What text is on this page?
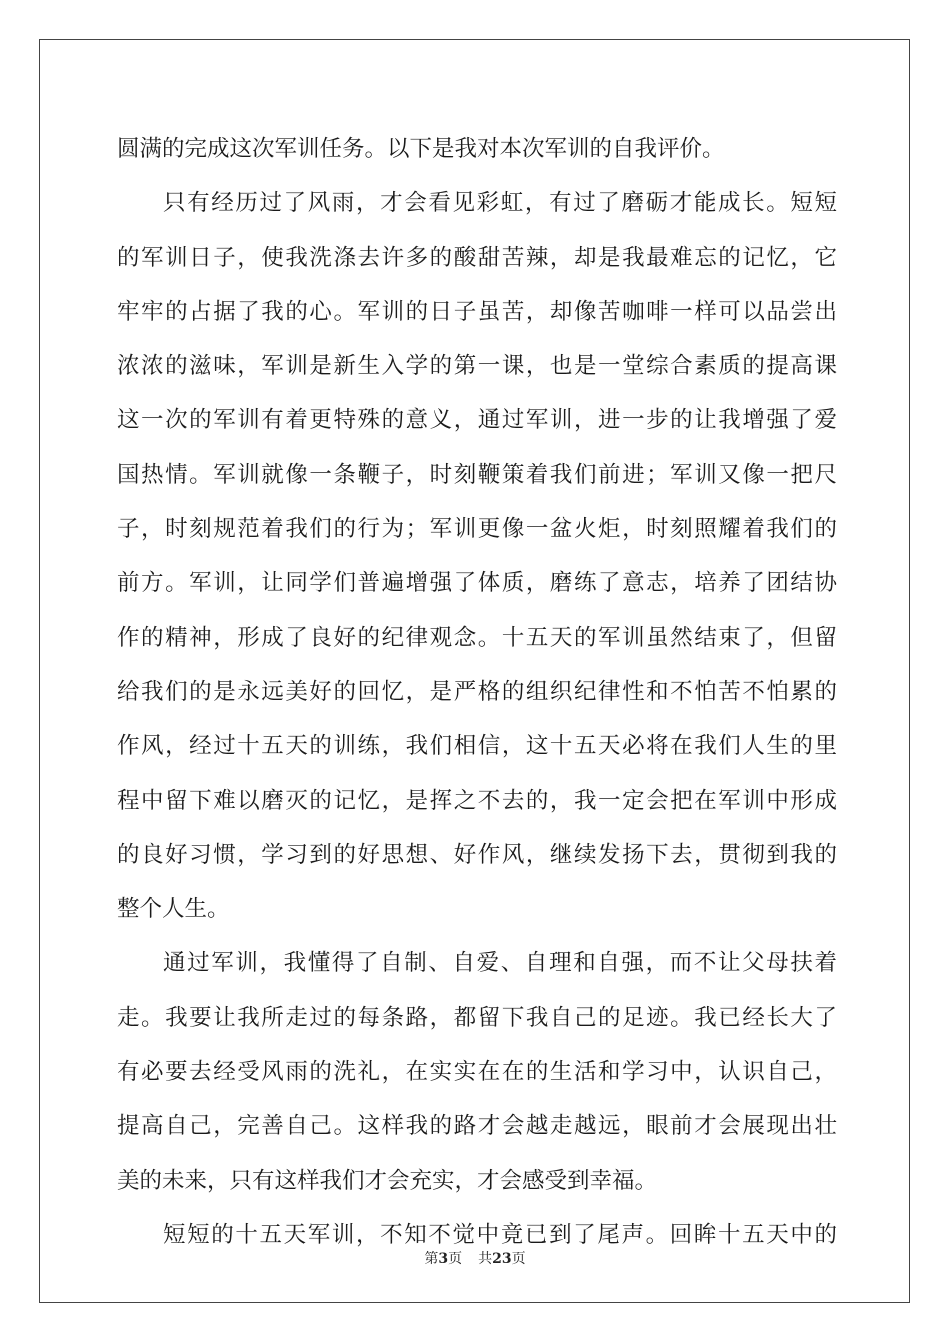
圆满的完成这次军训任务。以下是我对本次军训的自我评价。
只有经历过了风雨，才会看见彩虹，有过了磨砺才能成长。短短
的军训日子，使我洗涤去许多的酸甜苦辣，却是我最难忘的记忆，它
牢牢的占据了我的心。军训的日子虽苦，却像苦咖啡一样可以品尝出
浓浓的滋味，军训是新生入学的第一课，也是一堂综合素质的提高课
这一次的军训有着更特殊的意义，通过军训，进一步的让我增强了爱
国热情。军训就像一条鞭子，时刻鞭策着我们前进；军训又像一把尺
子，时刻规范着我们的行为；军训更像一盆火炬，时刻照耀着我们的
前方。军训，让同学们普遍增强了体质，磨练了意志，培养了团结协
作的精神，形成了良好的纪律观念。十五天的军训虽然结束了，但留
给我们的是永远美好的回忆，是严格的组织纪律性和不怕苦不怕累的
作风，经过十五天的训练，我们相信，这十五天必将在我们人生的里
程中留下难以磨灭的记忆，是挥之不去的，我一定会把在军训中形成
的良好习惯，学习到的好思想、好作风，继续发扬下去，贯彻到我的
整个人生。
通过军训，我懂得了自制、自爱、自理和自强，而不让父母扶着
走。我要让我所走过的每条路，都留下我自己的足迹。我已经长大了
有必要去经受风雨的洗礼，在实实在在的生活和学习中，认识自己，
提高自己，完善自己。这样我的路才会越走越远，眼前才会展现出壮
美的未来，只有这样我们才会充实，才会感受到幸福。
短短的十五天军训，不知不觉中竟已到了尾声。回眸十五天中的
第3页 共23页
